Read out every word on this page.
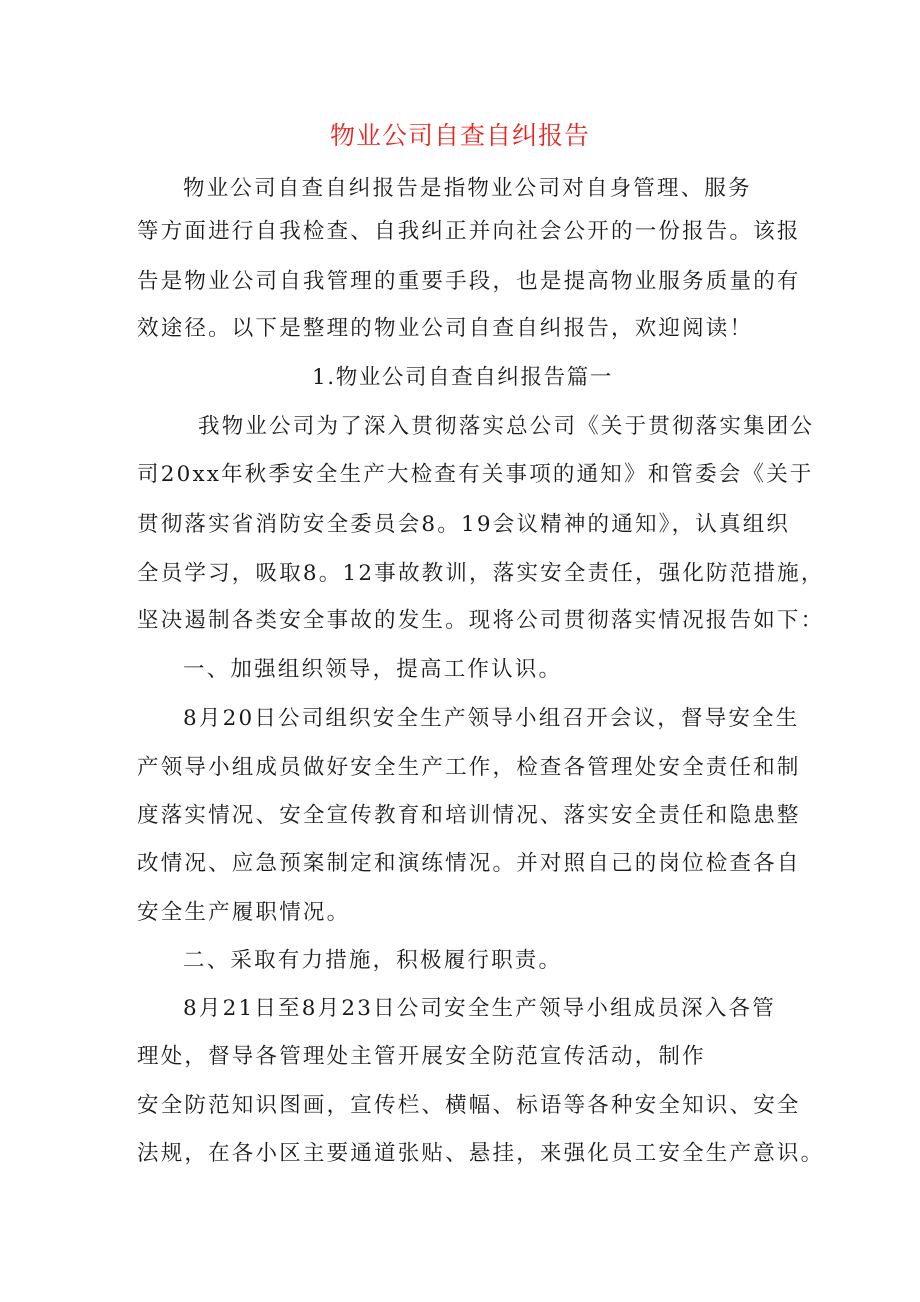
物业公司自查自纠报告
物业公司自查自纠报告是指物业公司对自身管理、服务
等方面进行自我检查、自我纠正并向社会公开的一份报告。该报
告是物业公司自我管理的重要手段，也是提高物业服务质量的有
效途径。以下是整理的物业公司自查自纠报告，欢迎阅读！
1.物业公司自查自纠报告篇一
我物业公司为了深入贯彻落实总公司《关于贯彻落实集团公
司20xx年秋季安全生产大检查有关事项的通知》和管委会《关于
贯彻落实省消防安全委员会8。19会议精神的通知》，认真组织
全员学习，吸取8。12事故教训，落实安全责任，强化防范措施，
坚决遏制各类安全事故的发生。现将公司贯彻落实情况报告如下：
一、加强组织领导，提高工作认识。
8月20日公司组织安全生产领导小组召开会议，督导安全生
产领导小组成员做好安全生产工作，检查各管理处安全责任和制
度落实情况、安全宣传教育和培训情况、落实安全责任和隐患整
改情况、应急预案制定和演练情况。并对照自己的岗位检查各自
安全生产履职情况。
二、采取有力措施，积极履行职责。
8月21日至8月23日公司安全生产领导小组成员深入各管
理处，督导各管理处主管开展安全防范宣传活动，制作
安全防范知识图画，宣传栏、横幅、标语等各种安全知识、安全
法规，在各小区主要通道张贴、悬挂，来强化员工安全生产意识。
